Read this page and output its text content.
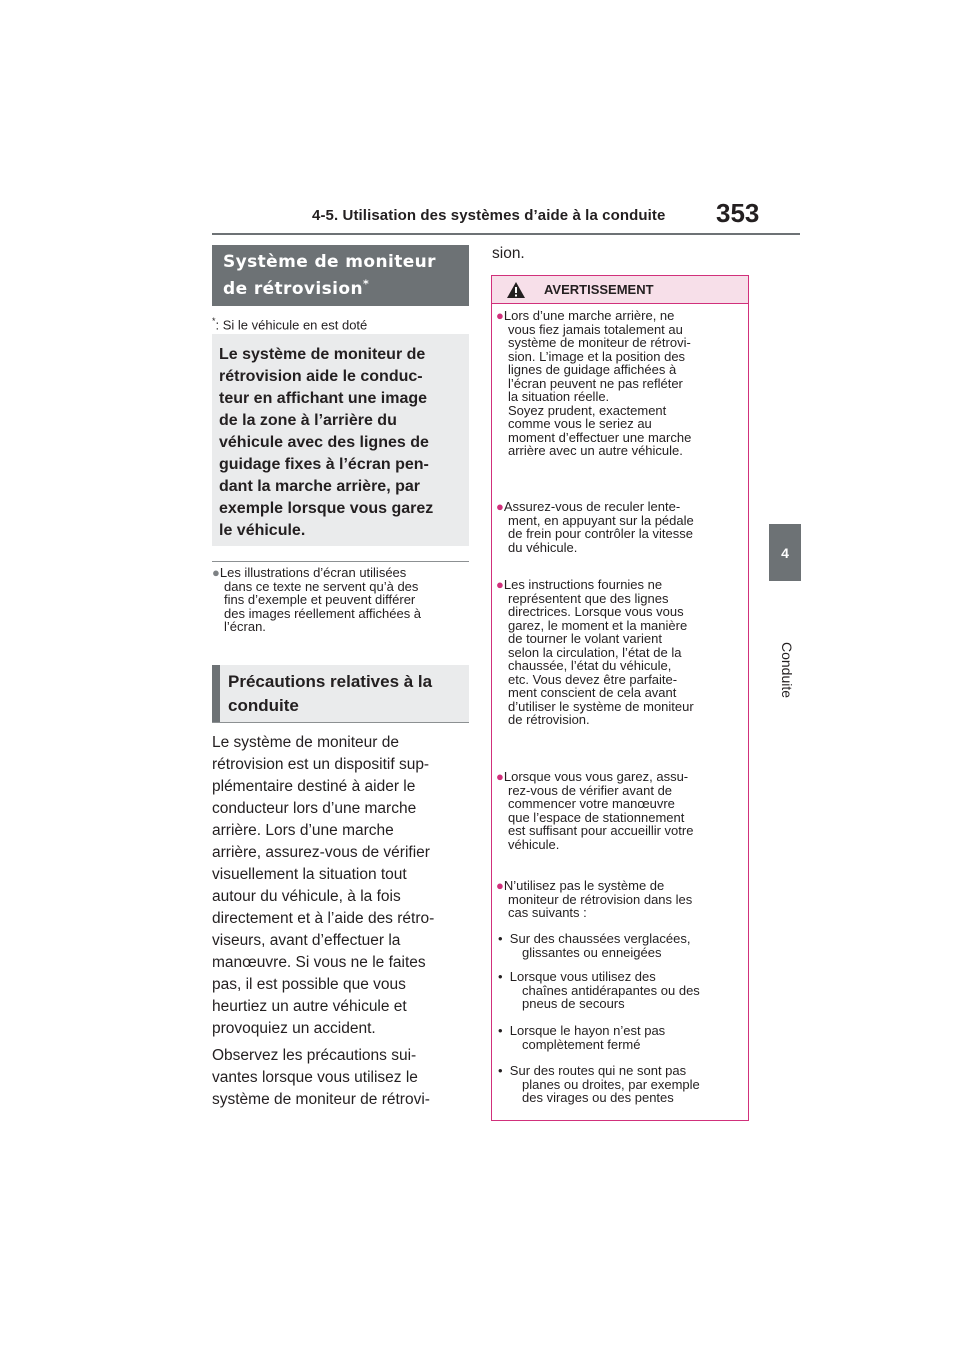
4-5. Utilisation des systèmes d’aide à la conduite 353
4
Conduite
Système de moniteur
de rétrovision*
*: Si le véhicule en est doté
Le système de moniteur de
rétrovision aide le conduc-
teur en affichant une image
de la zone à l’arrière du
véhicule avec des lignes de
guidage fixes à l’écran pen-
dant la marche arrière, par
exemple lorsque vous garez
le véhicule.
●Les illustrations d’écran utilisées
dans ce texte ne servent qu’à des
fins d’exemple et peuvent différer
des images réellement affichées à
l’écran.
Précautions relatives à la
conduite

Le système de moniteur de
rétrovision est un dispositif sup-
plémentaire destiné à aider le
conducteur lors d’une marche
arrière. Lors d’une marche
arrière, assurez-vous de vérifier
visuellement la situation tout
autour du véhicule, à la fois
directement et à l’aide des rétro-
viseurs, avant d’effectuer la
manœuvre. Si vous ne le faites
pas, il est possible que vous
heurtiez un autre véhicule et
provoquiez un accident.

Observez les précautions sui-
vantes lorsque vous utilisez le
système de moniteur de rétrovi-

sion.
AVERTISSEMENT
●Lors d’une marche arrière, ne
vous fiez jamais totalement au
système de moniteur de rétrovi-
sion. L’image et la position des
lignes de guidage affichées à
l’écran peuvent ne pas refléter
la situation réelle.
Soyez prudent, exactement
comme vous le seriez au
moment d’effectuer une marche
arrière avec un autre véhicule.
●Assurez-vous de reculer lente-
ment, en appuyant sur la pédale
de frein pour contrôler la vitesse
du véhicule.
●Les instructions fournies ne
représentent que des lignes
directrices. Lorsque vous vous
garez, le moment et la manière
de tourner le volant varient
selon la circulation, l’état de la
chaussée, l’état du véhicule,
etc. Vous devez être parfaite-
ment conscient de cela avant
d’utiliser le système de moniteur
de rétrovision.
●Lorsque vous vous garez, assu-
rez-vous de vérifier avant de
commencer votre manœuvre
que l’espace de stationnement
est suffisant pour accueillir votre
véhicule.
●N’utilisez pas le système de
moniteur de rétrovision dans les
cas suivants :
• Sur des chaussées verglacées,
glissantes ou enneigées
• Lorsque vous utilisez des
chaînes antidérapantes ou des
pneus de secours
• Lorsque le hayon n’est pas
complètement fermé
• Sur des routes qui ne sont pas
planes ou droites, par exemple
des virages ou des pentes
